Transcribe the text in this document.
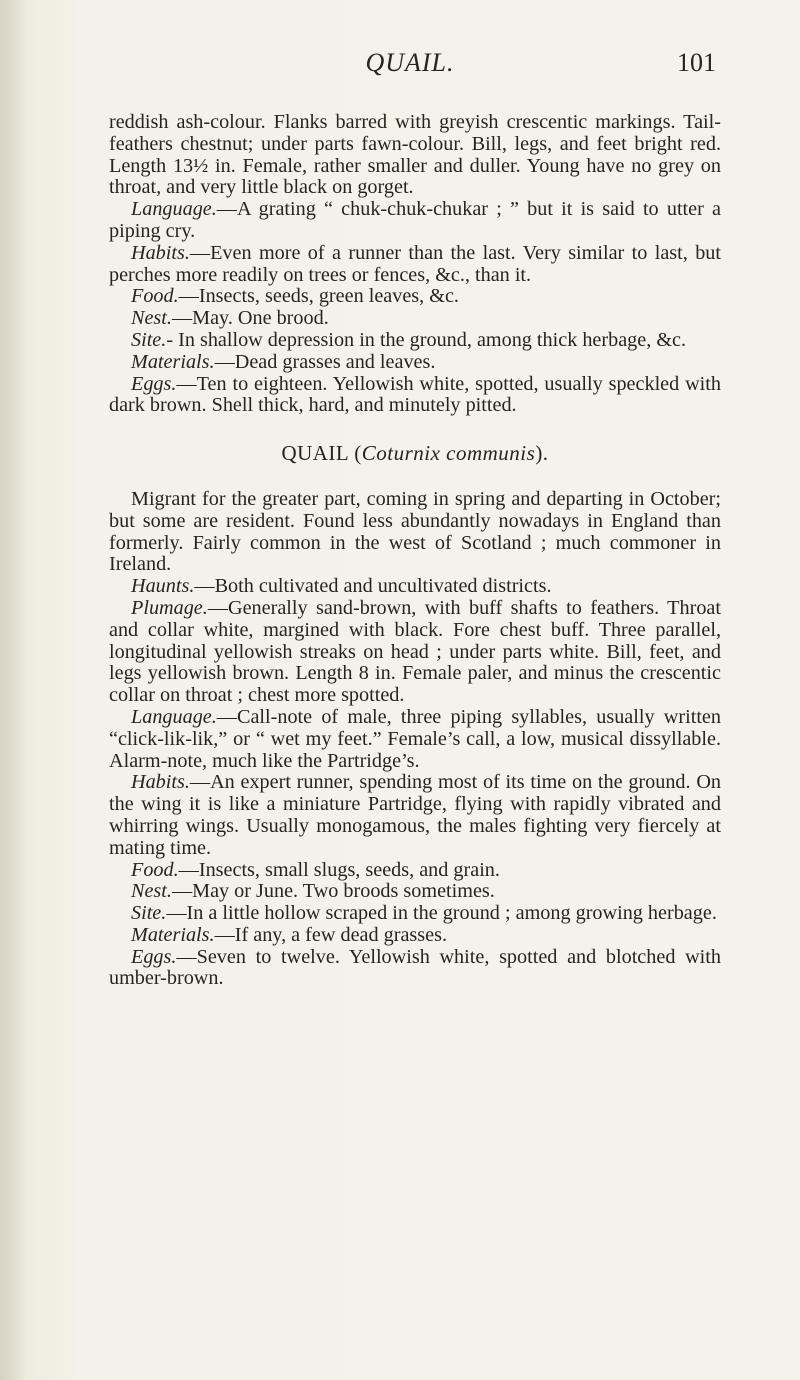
QUAIL.	101

reddish ash-colour. Flanks barred with greyish crescentic markings. Tail-feathers chestnut; under parts fawn-colour. Bill, legs, and feet bright red. Length 13½ in. Female, rather smaller and duller. Young have no grey on throat, and very little black on gorget.

Language.—A grating “ chuk-chuk-chukar ; ” but it is said to utter a piping cry.

Habits.—Even more of a runner than the last. Very similar to last, but perches more readily on trees or fences, &c., than it.

Food.—Insects, seeds, green leaves, &c.

Nest.—May. One brood.

Site.- In shallow depression in the ground, among thick herbage, &c.

Materials.—Dead grasses and leaves.

Eggs.—Ten to eighteen. Yellowish white, spotted, usually speckled with dark brown. Shell thick, hard, and minutely pitted.

QUAIL (Coturnix communis).

Migrant for the greater part, coming in spring and departing in October; but some are resident. Found less abundantly nowadays in England than formerly. Fairly common in the west of Scotland ; much commoner in Ireland.

Haunts.—Both cultivated and uncultivated districts.

Plumage.—Generally sand-brown, with buff shafts to feathers. Throat and collar white, margined with black. Fore chest buff. Three parallel, longitudinal yellowish streaks on head ; under parts white. Bill, feet, and legs yellowish brown. Length 8 in. Female paler, and minus the crescentic collar on throat ; chest more spotted.

Language.—Call-note of male, three piping syllables, usually written “click-lik-lik,” or “ wet my feet.” Female’s call, a low, musical dissyllable. Alarm-note, much like the Partridge’s.

Habits.—An expert runner, spending most of its time on the ground. On the wing it is like a miniature Partridge, flying with rapidly vibrated and whirring wings. Usually monogamous, the males fighting very fiercely at mating time.

Food.—Insects, small slugs, seeds, and grain.

Nest.—May or June. Two broods sometimes.

Site.—In a little hollow scraped in the ground ; among growing herbage.

Materials.—If any, a few dead grasses.

Eggs.—Seven to twelve. Yellowish white, spotted and blotched with umber-brown.
